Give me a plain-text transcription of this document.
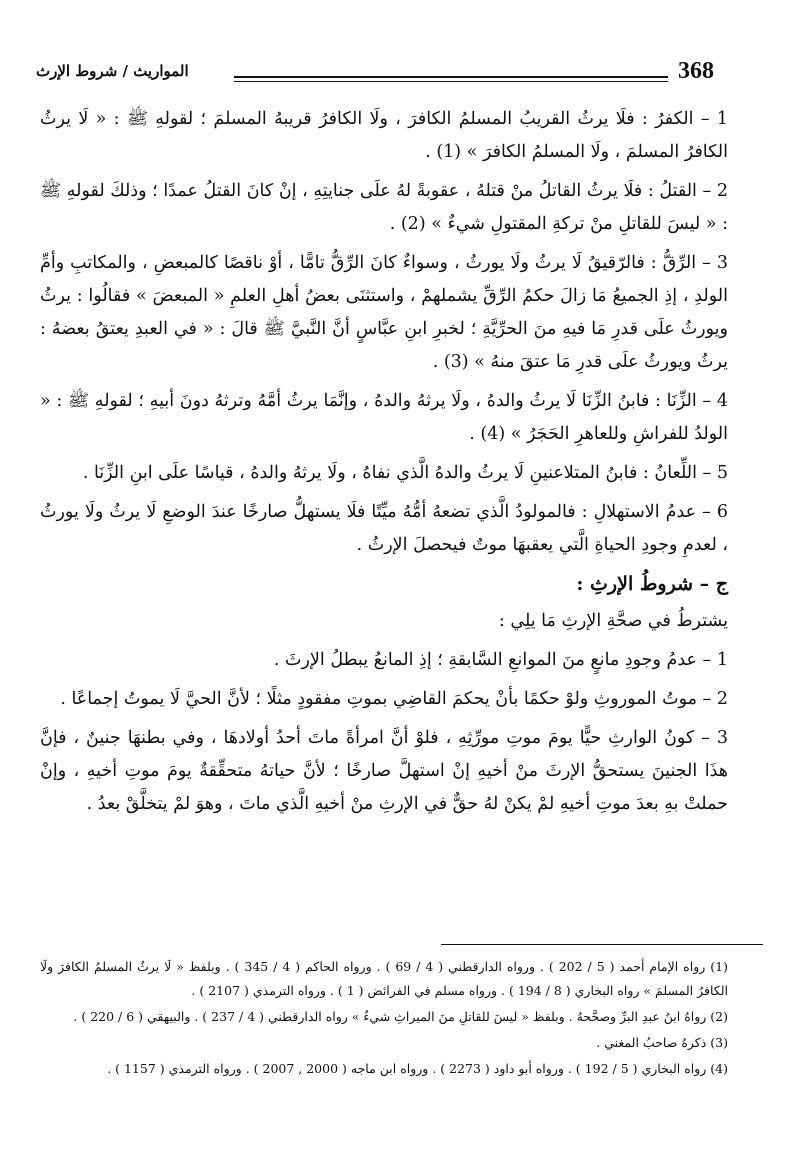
368
المواريث / شروط الإرث

1 – الكفرُ : فلَا يرثُ القريبُ المسلمُ الكافرَ ، ولَا الكافرُ قريبهُ المسلمَ ؛ لقولهِ ﷺ : « لَا يرثُ الكافرُ المسلمَ ، ولَا المسلمُ الكافرَ » (1) .

2 – القتلُ : فلَا يرثُ القاتلُ منْ قتلهُ ، عقوبةً لهُ علَى جنايتِهِ ، إنْ كانَ القتلُ عمدًا ؛ وذلكَ لقولهِ ﷺ : « ليسَ للقاتلِ منْ تركةِ المقتولِ شيءٌ » (2) .

3 – الرِّقُّ : فالرّقيقُ لَا يرثُ ولَا يورثُ ، وسواءٌ كانَ الرِّقُّ تامًّا ، أوْ ناقصًا كالمبعضِ ، والمكاتبِ وأمِّ الولدِ ، إذِ الجميعُ مَا زالَ حكمُ الرِّقِّ يشملهمْ ، واستثنَى بعضُ أهلِ العلمِ « المبعضَ » فقالُوا : يرثُ ويورثُ علَى قدرِ مَا فيهِ منَ الحرِّيَّةِ ؛ لخبرِ ابنِ عبَّاسٍ أنَّ النَّبيَّ ﷺ قالَ : « في العبدِ يعتقُ بعضهُ : يرثُ ويورثُ علَى قدرِ مَا عتقَ منهُ » (3) .

4 – الزِّنَا : فابنُ الزِّنَا لَا يرثُ والدهُ ، ولَا يرثهُ والدهُ ، وإنَّمَا يرثُ أمَّهُ وترثهُ دونَ أبيهِ ؛ لقولهِ ﷺ : « الولدُ للفراشِ وللعاهرِ الحَجَرُ » (4) .

5 – اللِّعانُ : فابنُ المتلاعنينِ لَا يرثُ والدهُ الَّذي نفاهُ ، ولَا يرثهُ والدهُ ، قياسًا علَى ابنِ الزِّنَا .

6 – عدمُ الاستهلالِ : فالمولودُ الَّذي تضعهُ أمُّهُ ميِّتًا فلَا يستهلُّ صارخًا عندَ الوضعِ لَا يرثُ ولَا يورثُ ، لعدمِ وجودِ الحياةِ الَّتي يعقبهَا موتٌ فيحصلَ الإرثُ .

ج – شروطُ الإرثِ :

يشترطُ في صحَّةِ الإرثِ مَا يلِي :

1 – عدمُ وجودِ مانعٍ منَ الموانعِ السَّابقةِ ؛ إذِ المانعُ يبطلُ الإرثَ .

2 – موتُ الموروثِ ولوْ حكمًا بأنْ يحكمَ القاضِي بموتِ مفقودٍ مثلًا ؛ لأنَّ الحيَّ لَا يموتُ إجماعًا .

3 – كونُ الوارثِ حيًّا يومَ موتِ مورِّثِهِ ، فلوْ أنَّ امرأةً ماتَ أحدُ أولادهَا ، وفي بطنهَا جنينٌ ، فإنَّ هذَا الجنينَ يستحقُّ الإرثَ منْ أخيهِ إنْ استهلَّ صارخًا ؛ لأنَّ حياتهُ متحقِّقةٌ يومَ موتِ أخيهِ ، وإنْ حملتْ بهِ بعدَ موتِ أخيهِ لمْ يكنْ لهُ حقٌّ في الإرثِ منْ أخيهِ الَّذي ماتَ ، وهوَ لمْ يتخلَّقْ بعدُ .

(1) رواه الإمام أحمد ( 5 / 202 ) . ورواه الدارقطني ( 4 / 69 ) . ورواه الحاكم ( 4 / 345 ) . وبلفظ « لَا يرثُ المسلمُ الكافرَ ولَا الكافرُ المسلمَ » رواه البخاري ( 8 / 194 ) . ورواه مسلم في الفرائض ( 1 ) . ورواه الترمذي ( 2107 ) .

(2) رواهُ ابنُ عبدِ البرِّ وصحَّحهُ . وبلفظ « ليسَ للقاتلِ منَ الميراثِ شيءٌ » رواه الدارقطني ( 4 / 237 ) . والبيهقي ( 6 / 220 ) .

(3) ذكرهُ صاحبُ المغني .

(4) رواه البخاري ( 5 / 192 ) . ورواه أبو داود ( 2273 ) . ورواه ابن ماجه ( 2000 , 2007 ) . ورواه الترمذي ( 1157 ) .
